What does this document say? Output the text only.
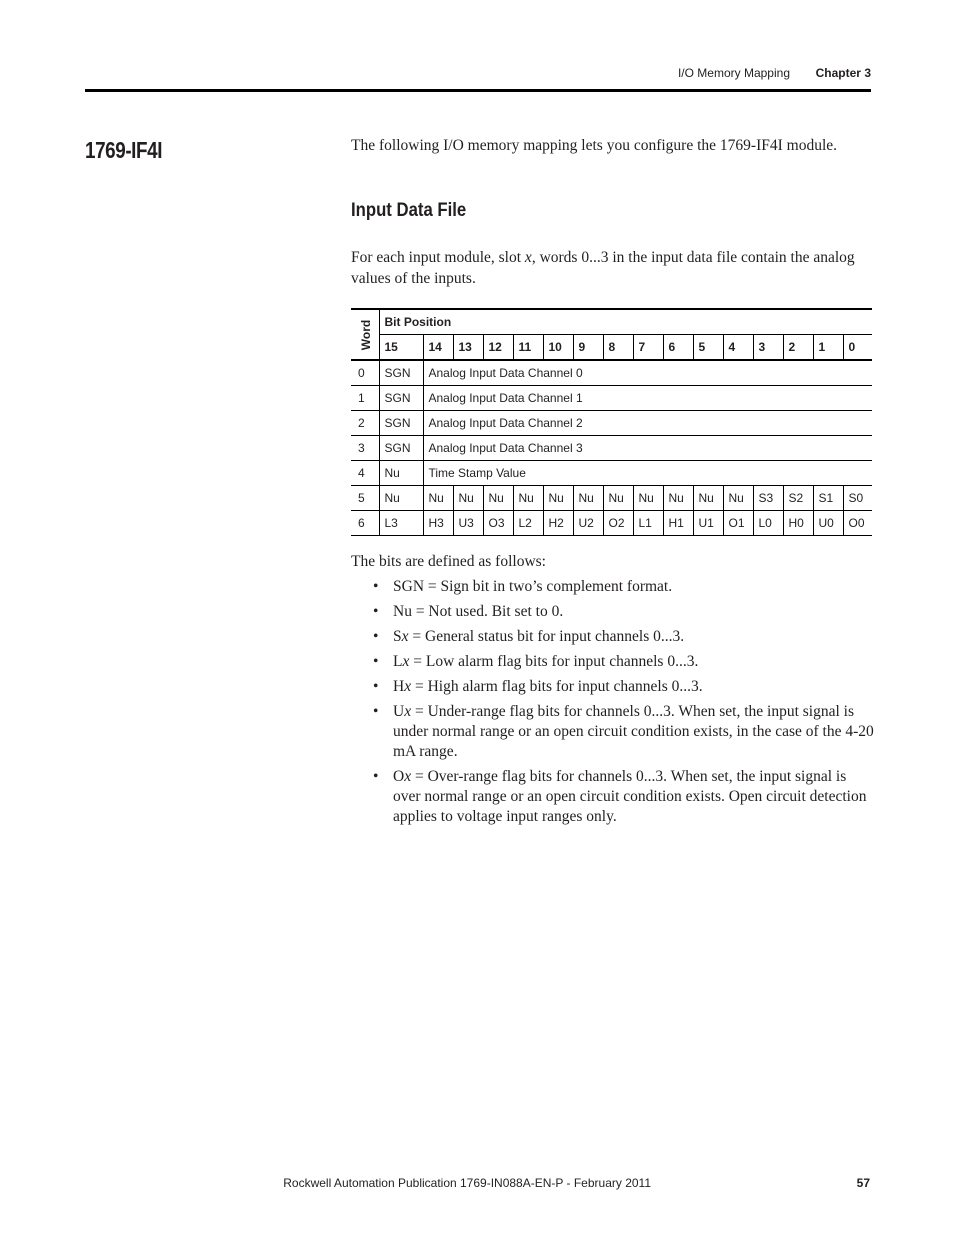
I/O Memory Mapping Chapter 3
1769-IF4I	The following I/O memory mapping lets you configure the 1769-IF4I module.
Input Data File
For each input module, slot x, words 0...3 in the input data file contain the analog values of the inputs.
Word	Bit Position															
	15	14	13	12	11	10	9	8	7	6	5	4	3	2	1	0
0	SGN	Analog Input Data Channel 0														
1	SGN	Analog Input Data Channel 1														
2	SGN	Analog Input Data Channel 2														
3	SGN	Analog Input Data Channel 3														
4	Nu	Time Stamp Value														
5	Nu	Nu	Nu	Nu	Nu	Nu	Nu	Nu	Nu	Nu	Nu	Nu	S3	S2	S1	S0
6	L3	H3	U3	O3	L2	H2	U2	O2	L1	H1	U1	O1	L0	H0	U0	O0
The bits are defined as follows:
• SGN = Sign bit in two’s complement format.
• Nu = Not used. Bit set to 0.
• Sx = General status bit for input channels 0...3.
• Lx = Low alarm flag bits for input channels 0...3.
• Hx = High alarm flag bits for input channels 0...3.
• Ux = Under-range flag bits for channels 0...3. When set, the input signal is under normal range or an open circuit condition exists, in the case of the 4-20 mA range.
• Ox = Over-range flag bits for channels 0...3. When set, the input signal is over normal range or an open circuit condition exists. Open circuit detection applies to voltage input ranges only.
Rockwell Automation Publication 1769-IN088A-EN-P - February 2011	57
